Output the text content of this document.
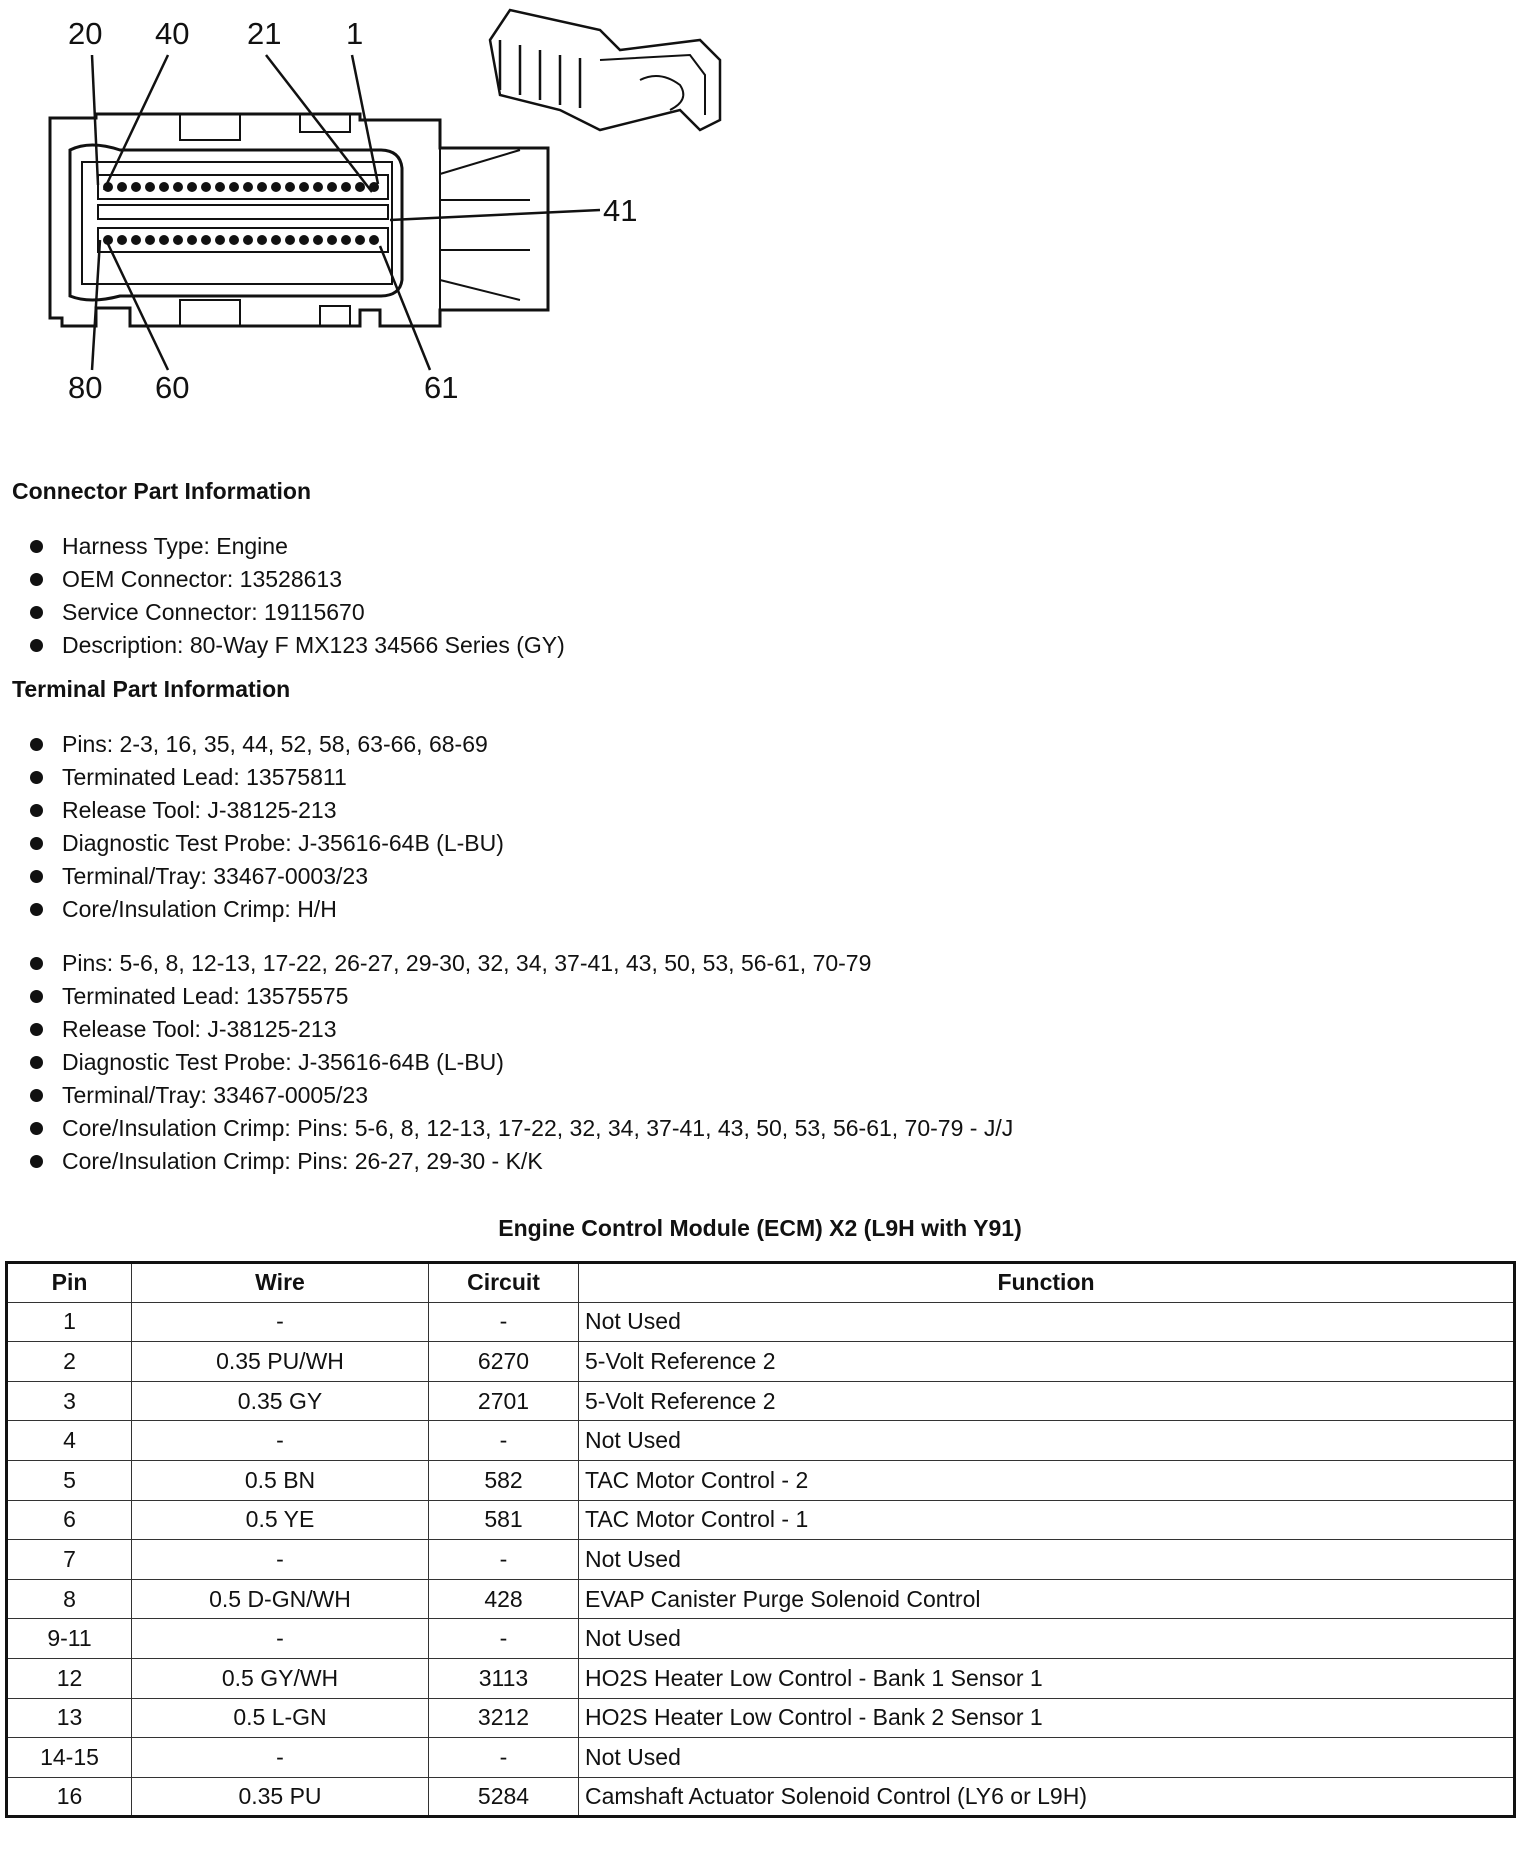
20 40 21 1
41
80 60	61
Connector Part Information
Harness Type: Engine
OEM Connector: 13528613
Service Connector: 19115670
Description: 80-Way F MX123 34566 Series (GY)
Terminal Part Information
Pins: 2-3, 16, 35, 44, 52, 58, 63-66, 68-69
Terminated Lead: 13575811
Release Tool: J-38125-213
Diagnostic Test Probe: J-35616-64B (L-BU)
Terminal/Tray: 33467-0003/23
Core/Insulation Crimp: H/H
Pins: 5-6, 8, 12-13, 17-22, 26-27, 29-30, 32, 34, 37-41, 43, 50, 53, 56-61, 70-79
Terminated Lead: 13575575
Release Tool: J-38125-213
Diagnostic Test Probe: J-35616-64B (L-BU)
Terminal/Tray: 33467-0005/23
Core/Insulation Crimp: Pins: 5-6, 8, 12-13, 17-22, 32, 34, 37-41, 43, 50, 53, 56-61, 70-79 - J/J
Core/Insulation Crimp: Pins: 26-27, 29-30 - K/K
Engine Control Module (ECM) X2 (L9H with Y91)
Pin	Wire	Circuit	Function
1	-	-	Not Used
2	0.35 PU/WH	6270	5-Volt Reference 2
3	0.35 GY	2701	5-Volt Reference 2
4	-	-	Not Used
5	0.5 BN	582	TAC Motor Control - 2
6	0.5 YE	581	TAC Motor Control - 1
7	-	-	Not Used
8	0.5 D-GN/WH	428	EVAP Canister Purge Solenoid Control
9-11	-	-	Not Used
12	0.5 GY/WH	3113	HO2S Heater Low Control - Bank 1 Sensor 1
13	0.5 L-GN	3212	HO2S Heater Low Control - Bank 2 Sensor 1
14-15	-	-	Not Used
16	0.35 PU	5284	Camshaft Actuator Solenoid Control (LY6 or L9H)
